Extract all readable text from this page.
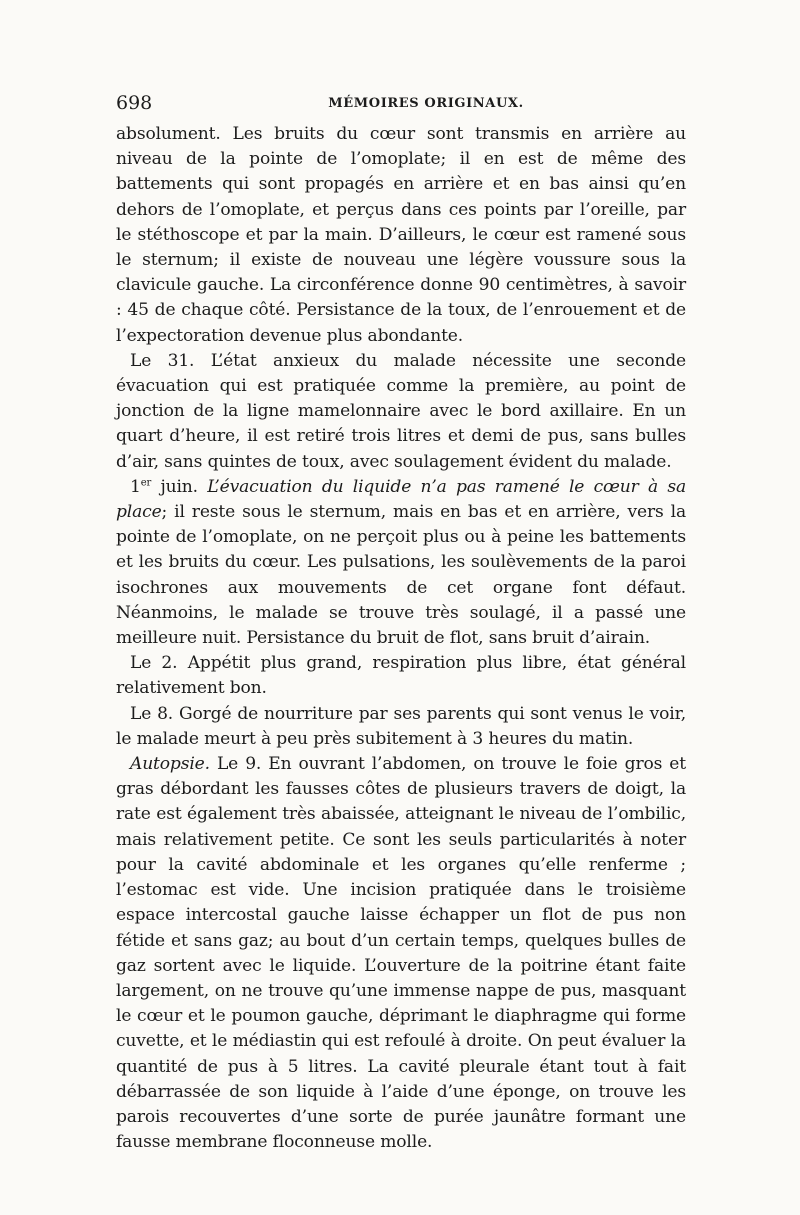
698	MÉMOIRES ORIGINAUX.

absolument. Les bruits du cœur sont transmis en arrière au niveau de la pointe de l’omoplate; il en est de même des battements qui sont propagés en arrière et en bas ainsi qu’en dehors de l’omoplate, et perçus dans ces points par l’oreille, par le stéthoscope et par la main. D’ailleurs, le cœur est ramené sous le sternum; il existe de nouveau une légère voussure sous la clavicule gauche. La circonférence donne 90 centimètres, à savoir : 45 de chaque côté. Persistance de la toux, de l’enrouement et de l’expectoration devenue plus abondante.

Le 31. L’état anxieux du malade nécessite une seconde évacuation qui est pratiquée comme la première, au point de jonction de la ligne mamelonnaire avec le bord axillaire. En un quart d’heure, il est retiré trois litres et demi de pus, sans bulles d’air, sans quintes de toux, avec soulagement évident du malade.

1er juin. L’évacuation du liquide n’a pas ramené le cœur à sa place; il reste sous le sternum, mais en bas et en arrière, vers la pointe de l’omoplate, on ne perçoit plus ou à peine les battements et les bruits du cœur. Les pulsations, les soulèvements de la paroi isochrones aux mouvements de cet organe font défaut. Néanmoins, le malade se trouve très soulagé, il a passé une meilleure nuit. Persistance du bruit de flot, sans bruit d’airain.

Le 2. Appétit plus grand, respiration plus libre, état général relativement bon.

Le 8. Gorgé de nourriture par ses parents qui sont venus le voir, le malade meurt à peu près subitement à 3 heures du matin.

Autopsie. Le 9. En ouvrant l’abdomen, on trouve le foie gros et gras débordant les fausses côtes de plusieurs travers de doigt, la rate est également très abaissée, atteignant le niveau de l’ombilic, mais relativement petite. Ce sont les seuls particularités à noter pour la cavité abdominale et les organes qu’elle renferme ; l’estomac est vide. Une incision pratiquée dans le troisième espace intercostal gauche laisse échapper un flot de pus non fétide et sans gaz; au bout d’un certain temps, quelques bulles de gaz sortent avec le liquide. L’ouverture de la poitrine étant faite largement, on ne trouve qu’une immense nappe de pus, masquant le cœur et le poumon gauche, déprimant le diaphragme qui forme cuvette, et le médiastin qui est refoulé à droite. On peut évaluer la quantité de pus à 5 litres. La cavité pleurale étant tout à fait débarrassée de son liquide à l’aide d’une éponge, on trouve les parois recouvertes d’une sorte de purée jaunâtre formant une fausse membrane floconneuse molle.
